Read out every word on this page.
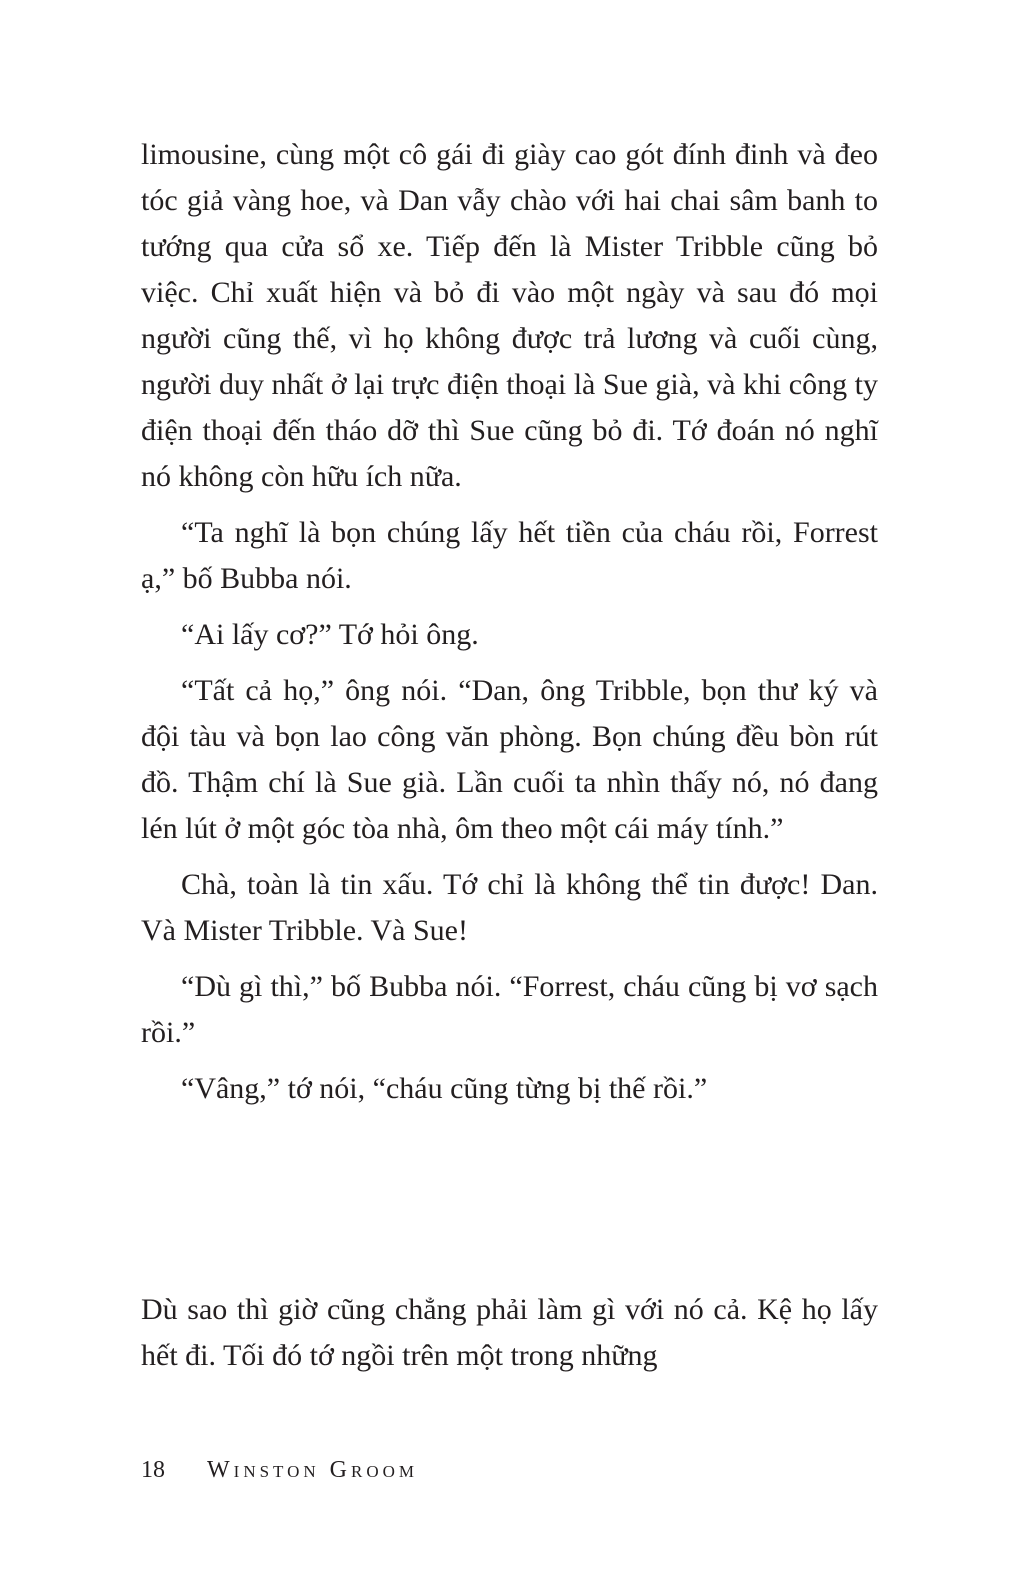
limousine, cùng một cô gái đi giày cao gót đính đinh và đeo tóc giả vàng hoe, và Dan vẫy chào với hai chai sâm banh to tướng qua cửa sổ xe. Tiếp đến là Mister Tribble cũng bỏ việc. Chỉ xuất hiện và bỏ đi vào một ngày và sau đó mọi người cũng thế, vì họ không được trả lương và cuối cùng, người duy nhất ở lại trực điện thoại là Sue già, và khi công ty điện thoại đến tháo dỡ thì Sue cũng bỏ đi. Tớ đoán nó nghĩ nó không còn hữu ích nữa.

“Ta nghĩ là bọn chúng lấy hết tiền của cháu rồi, Forrest ạ,” bố Bubba nói.

“Ai lấy cơ?” Tớ hỏi ông.

“Tất cả họ,” ông nói. “Dan, ông Tribble, bọn thư ký và đội tàu và bọn lao công văn phòng. Bọn chúng đều bòn rút đồ. Thậm chí là Sue già. Lần cuối ta nhìn thấy nó, nó đang lén lút ở một góc tòa nhà, ôm theo một cái máy tính.”

Chà, toàn là tin xấu. Tớ chỉ là không thể tin được! Dan. Và Mister Tribble. Và Sue!

“Dù gì thì,” bố Bubba nói. “Forrest, cháu cũng bị vơ sạch rồi.”

“Vâng,” tớ nói, “cháu cũng từng bị thế rồi.”

Dù sao thì giờ cũng chẳng phải làm gì với nó cả. Kệ họ lấy hết đi. Tối đó tớ ngồi trên một trong những

18 Winston Groom
